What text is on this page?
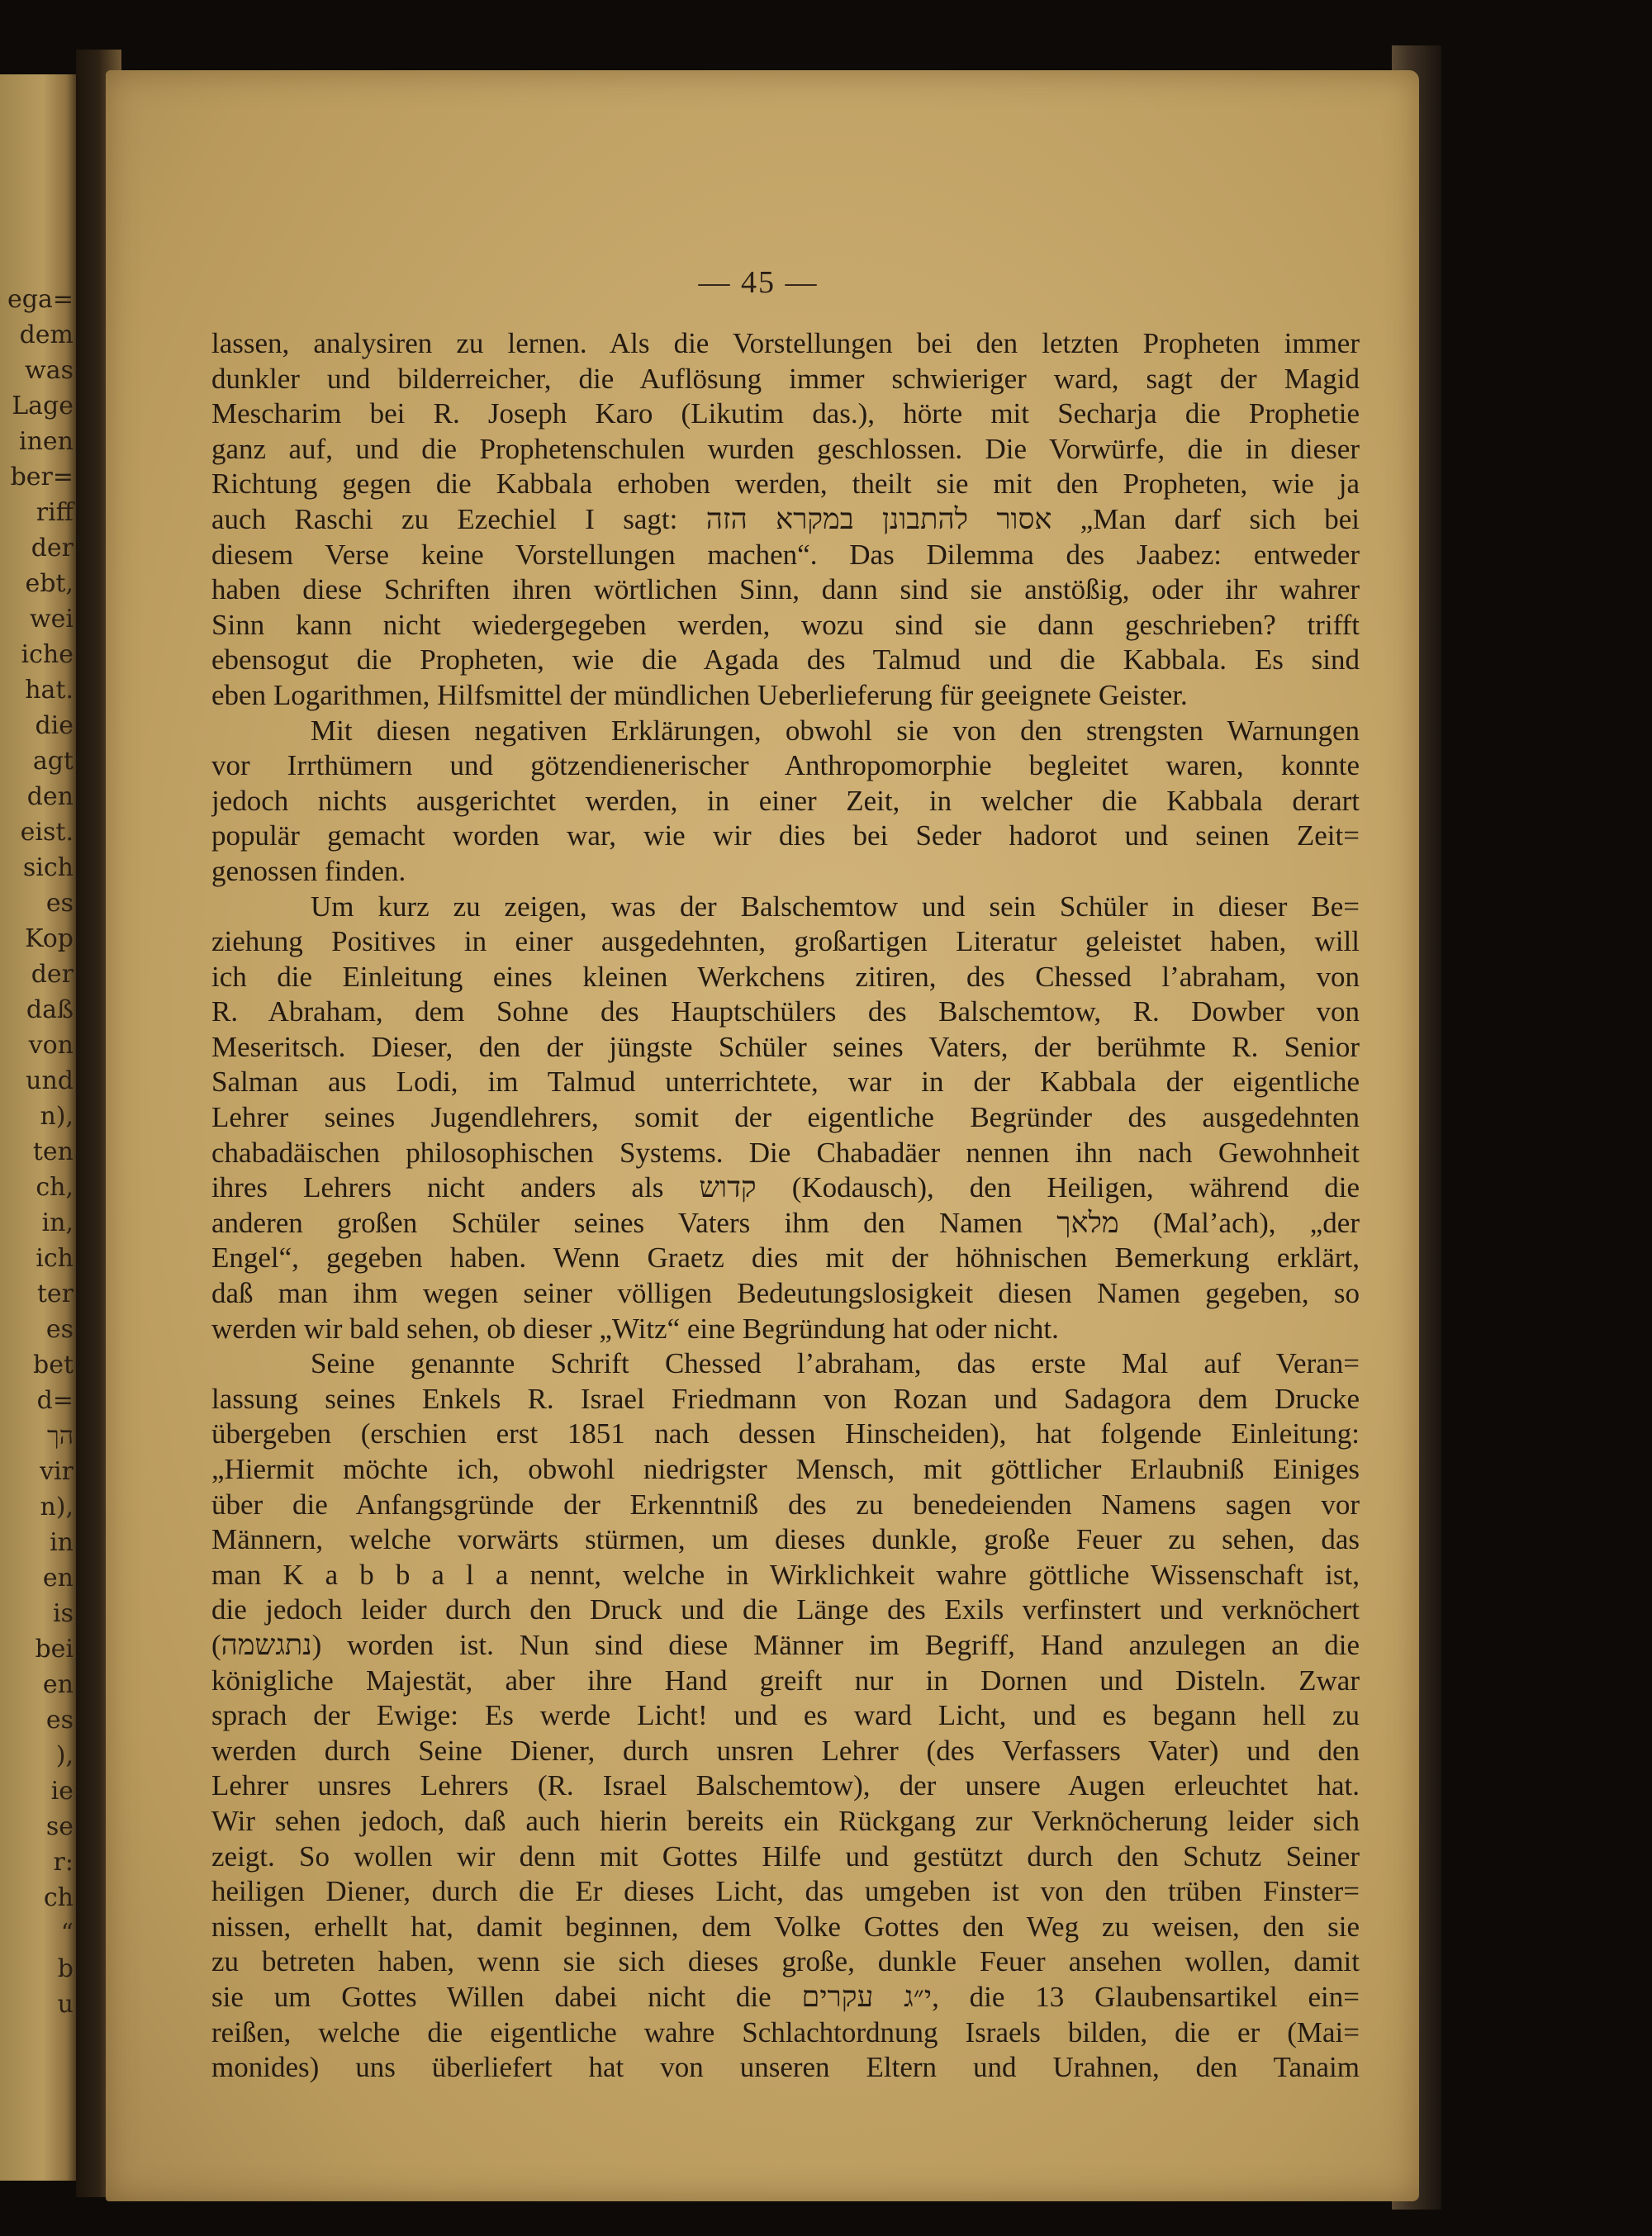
ega=
dem
was
Lage
inen
ber=
riff
der
ebt,
wei
iche
hat.
die
agt
den
eist.
sich
es
Kop
der
daß
von
und
n),
ten
ch,
in,
ich
ter
es
bet
d=
הך
vir
n),
in
en
is
bei
en
es
),
ie
se
r:
ch
“
b
u
— 45 —
lassen, analysiren zu lernen. Als die Vorstellungen bei den letzten Propheten immer
dunkler und bilderreicher, die Auflösung immer schwieriger ward, sagt der Magid
Mescharim bei R. Joseph Karo (Likutim das.), hörte mit Secharja die Prophetie
ganz auf, und die Prophetenschulen wurden geschlossen. Die Vorwürfe, die in dieser
Richtung gegen die Kabbala erhoben werden, theilt sie mit den Propheten, wie ja
auch Raschi zu Ezechiel I sagt: אסור להתבונן במקרא הזה „Man darf sich bei
diesem Verse keine Vorstellungen machen“. Das Dilemma des Jaabez: entweder
haben diese Schriften ihren wörtlichen Sinn, dann sind sie anstößig, oder ihr wahrer
Sinn kann nicht wiedergegeben werden, wozu sind sie dann geschrieben? trifft
ebensogut die Propheten, wie die Agada des Talmud und die Kabbala. Es sind
eben Logarithmen, Hilfsmittel der mündlichen Ueberlieferung für geeignete Geister.
Mit diesen negativen Erklärungen, obwohl sie von den strengsten Warnungen
vor Irrthümern und götzendienerischer Anthropomorphie begleitet waren, konnte
jedoch nichts ausgerichtet werden, in einer Zeit, in welcher die Kabbala derart
populär gemacht worden war, wie wir dies bei Seder hadorot und seinen Zeit=
genossen finden.
Um kurz zu zeigen, was der Balschemtow und sein Schüler in dieser Be=
ziehung Positives in einer ausgedehnten, großartigen Literatur geleistet haben, will
ich die Einleitung eines kleinen Werkchens zitiren, des Chessed l’abraham, von
R. Abraham, dem Sohne des Hauptschülers des Balschemtow, R. Dowber von
Meseritsch. Dieser, den der jüngste Schüler seines Vaters, der berühmte R. Senior
Salman aus Lodi, im Talmud unterrichtete, war in der Kabbala der eigentliche
Lehrer seines Jugendlehrers, somit der eigentliche Begründer des ausgedehnten
chabadäischen philosophischen Systems. Die Chabadäer nennen ihn nach Gewohnheit
ihres Lehrers nicht anders als קדוש (Kodausch), den Heiligen, während die
anderen großen Schüler seines Vaters ihm den Namen מלאך (Mal’ach), „der
Engel“, gegeben haben. Wenn Graetz dies mit der höhnischen Bemerkung erklärt,
daß man ihm wegen seiner völligen Bedeutungslosigkeit diesen Namen gegeben, so
werden wir bald sehen, ob dieser „Witz“ eine Begründung hat oder nicht.
Seine genannte Schrift Chessed l’abraham, das erste Mal auf Veran=
lassung seines Enkels R. Israel Friedmann von Rozan und Sadagora dem Drucke
übergeben (erschien erst 1851 nach dessen Hinscheiden), hat folgende Einleitung:
„Hiermit möchte ich, obwohl niedrigster Mensch, mit göttlicher Erlaubniß Einiges
über die Anfangsgründe der Erkenntniß des zu benedeienden Namens sagen vor
Männern, welche vorwärts stürmen, um dieses dunkle, große Feuer zu sehen, das
man K a b b a l a nennt, welche in Wirklichkeit wahre göttliche Wissenschaft ist,
die jedoch leider durch den Druck und die Länge des Exils verfinstert und verknöchert
(נתגשמה) worden ist. Nun sind diese Männer im Begriff, Hand anzulegen an die
königliche Majestät, aber ihre Hand greift nur in Dornen und Disteln. Zwar
sprach der Ewige: Es werde Licht! und es ward Licht, und es begann hell zu
werden durch Seine Diener, durch unsren Lehrer (des Verfassers Vater) und den
Lehrer unsres Lehrers (R. Israel Balschemtow), der unsere Augen erleuchtet hat.
Wir sehen jedoch, daß auch hierin bereits ein Rückgang zur Verknöcherung leider sich
zeigt. So wollen wir denn mit Gottes Hilfe und gestützt durch den Schutz Seiner
heiligen Diener, durch die Er dieses Licht, das umgeben ist von den trüben Finster=
nissen, erhellt hat, damit beginnen, dem Volke Gottes den Weg zu weisen, den sie
zu betreten haben, wenn sie sich dieses große, dunkle Feuer ansehen wollen, damit
sie um Gottes Willen dabei nicht die י״ג עקרים, die 13 Glaubensartikel ein=
reißen, welche die eigentliche wahre Schlachtordnung Israels bilden, die er (Mai=
monides) uns überliefert hat von unseren Eltern und Urahnen, den Tanaim
